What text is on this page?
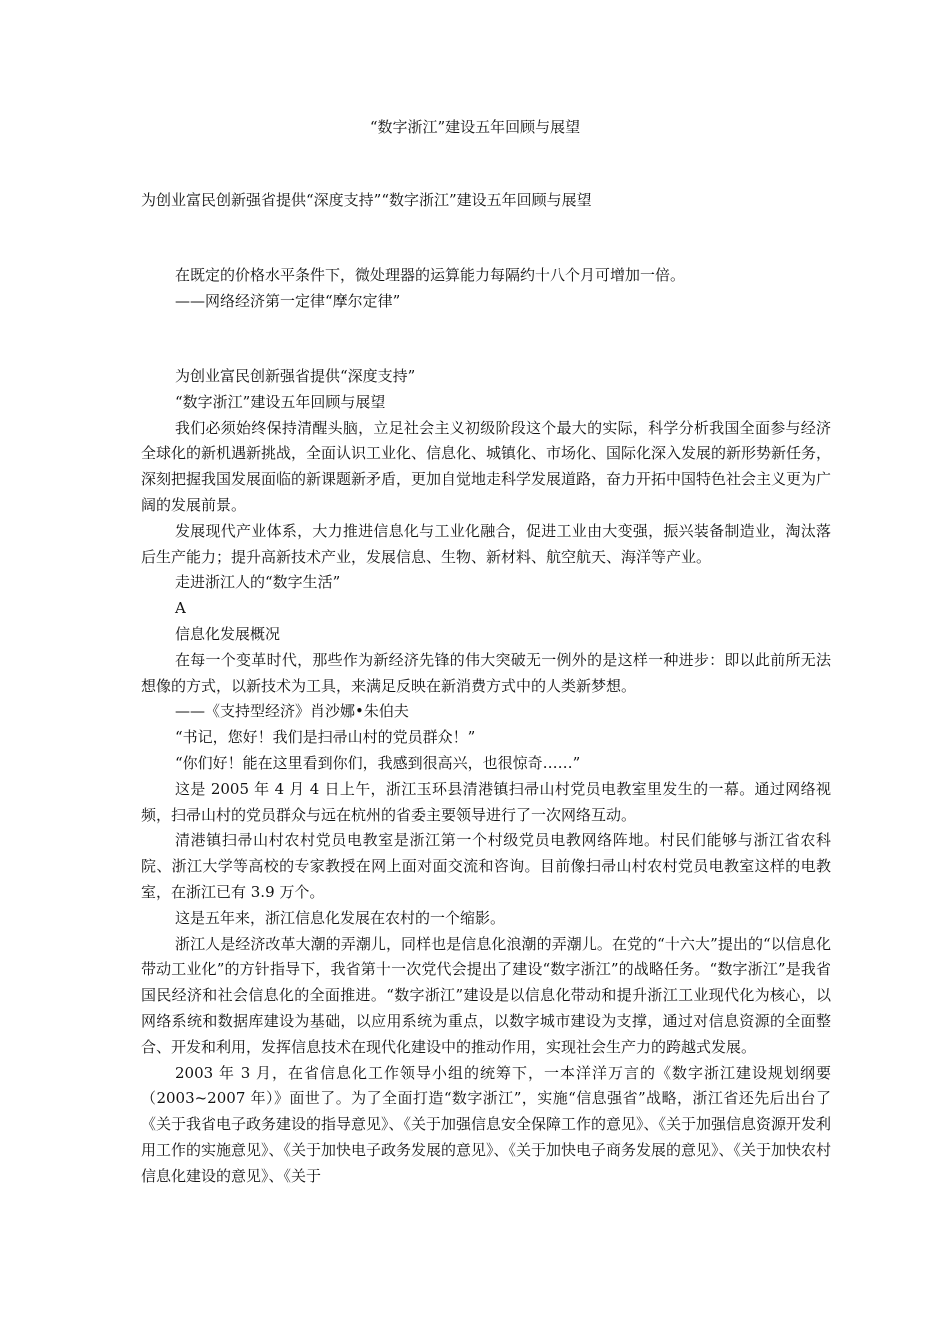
“数字浙江”建设五年回顾与展望
为创业富民创新强省提供“深度支持”“数字浙江”建设五年回顾与展望

在既定的价格水平条件下，微处理器的运算能力每隔约十八个月可增加一倍。

——网络经济第一定律“摩尔定律”

为创业富民创新强省提供“深度支持”

“数字浙江”建设五年回顾与展望

我们必须始终保持清醒头脑，立足社会主义初级阶段这个最大的实际，科学分析我国全面参与经济全球化的新机遇新挑战，全面认识工业化、信息化、城镇化、市场化、国际化深入发展的新形势新任务，深刻把握我国发展面临的新课题新矛盾，更加自觉地走科学发展道路，奋力开拓中国特色社会主义更为广阔的发展前景。

发展现代产业体系，大力推进信息化与工业化融合，促进工业由大变强，振兴装备制造业，淘汰落后生产能力；提升高新技术产业，发展信息、生物、新材料、航空航天、海洋等产业。

走进浙江人的“数字生活”

A

信息化发展概况

在每一个变革时代，那些作为新经济先锋的伟大突破无一例外的是这样一种进步：即以此前所无法想像的方式，以新技术为工具，来满足反映在新消费方式中的人类新梦想。

——《支持型经济》肖沙娜•朱伯夫

“书记，您好！我们是扫帚山村的党员群众！”

“你们好！能在这里看到你们，我感到很高兴，也很惊奇……”

这是 2005 年 4 月 4 日上午，浙江玉环县清港镇扫帚山村党员电教室里发生的一幕。通过网络视频，扫帚山村的党员群众与远在杭州的省委主要领导进行了一次网络互动。

清港镇扫帚山村农村党员电教室是浙江第一个村级党员电教网络阵地。村民们能够与浙江省农科院、浙江大学等高校的专家教授在网上面对面交流和咨询。目前像扫帚山村农村党员电教室这样的电教室，在浙江已有 3.9 万个。

这是五年来，浙江信息化发展在农村的一个缩影。

浙江人是经济改革大潮的弄潮儿，同样也是信息化浪潮的弄潮儿。在党的“十六大”提出的“以信息化带动工业化”的方针指导下，我省第十一次党代会提出了建设“数字浙江”的战略任务。“数字浙江”是我省国民经济和社会信息化的全面推进。“数字浙江”建设是以信息化带动和提升浙江工业现代化为核心，以网络系统和数据库建设为基础，以应用系统为重点，以数字城市建设为支撑，通过对信息资源的全面整合、开发和利用，发挥信息技术在现代化建设中的推动作用，实现社会生产力的跨越式发展。

2003 年 3 月，在省信息化工作领导小组的统筹下，一本洋洋万言的《数字浙江建设规划纲要（2003~2007 年）》面世了。为了全面打造“数字浙江”，实施“信息强省”战略，浙江省还先后出台了《关于我省电子政务建设的指导意见》、《关于加强信息安全保障工作的意见》、《关于加强信息资源开发利用工作的实施意见》、《关于加快电子政务发展的意见》、《关于加快电子商务发展的意见》、《关于加快农村信息化建设的意见》、《关于
